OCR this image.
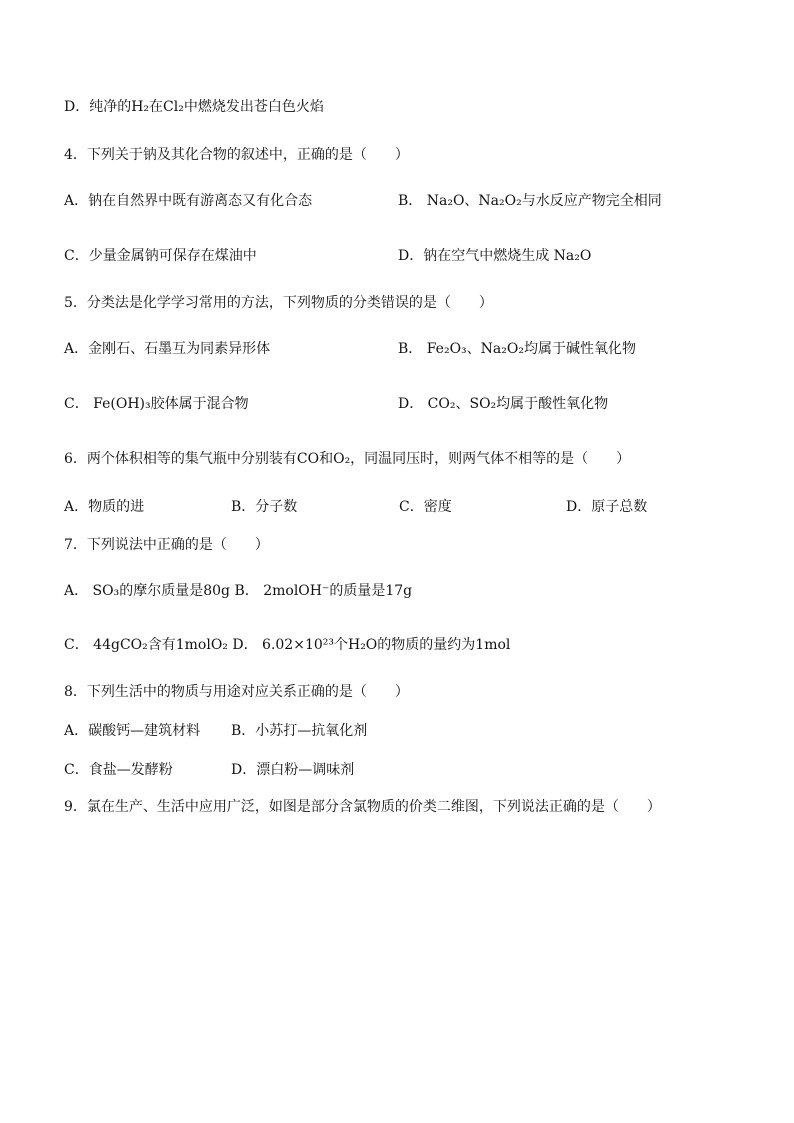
D．纯净的H₂在Cl₂中燃烧发出苍白色火焰
4．下列关于钠及其化合物的叙述中，正确的是（　　）
A．钠在自然界中既有游离态又有化合态	B． Na₂O、Na₂O₂与水反应产物完全相同
C．少量金属钠可保存在煤油中	D．钠在空气中燃烧生成 Na₂O
5．分类法是化学学习常用的方法，下列物质的分类错误的是（　　）
A．金刚石、石墨互为同素异形体	B． Fe₂O₃、Na₂O₂均属于碱性氧化物
C． Fe(OH)₃胶体属于混合物	D． CO₂、SO₂均属于酸性氧化物
6．两个体积相等的集气瓶中分别装有CO和O₂，同温同压时，则两气体不相等的是（　　）
A．物质的进	B．分子数	C．密度	D．原子总数
7．下列说法中正确的是（　　）
A． SO₃的摩尔质量是80g B． 2molOH⁻的质量是17g
C． 44gCO₂含有1molO₂ D． 6.02×10²³个H₂O的物质的量约为1mol
8．下列生活中的物质与用途对应关系正确的是（　　）
A．碳酸钙—建筑材料 B．小苏打—抗氧化剂
C．食盐—发酵粉	D．漂白粉—调味剂
9．氯在生产、生活中应用广泛，如图是部分含氯物质的价类二维图，下列说法正确的是（　　）
